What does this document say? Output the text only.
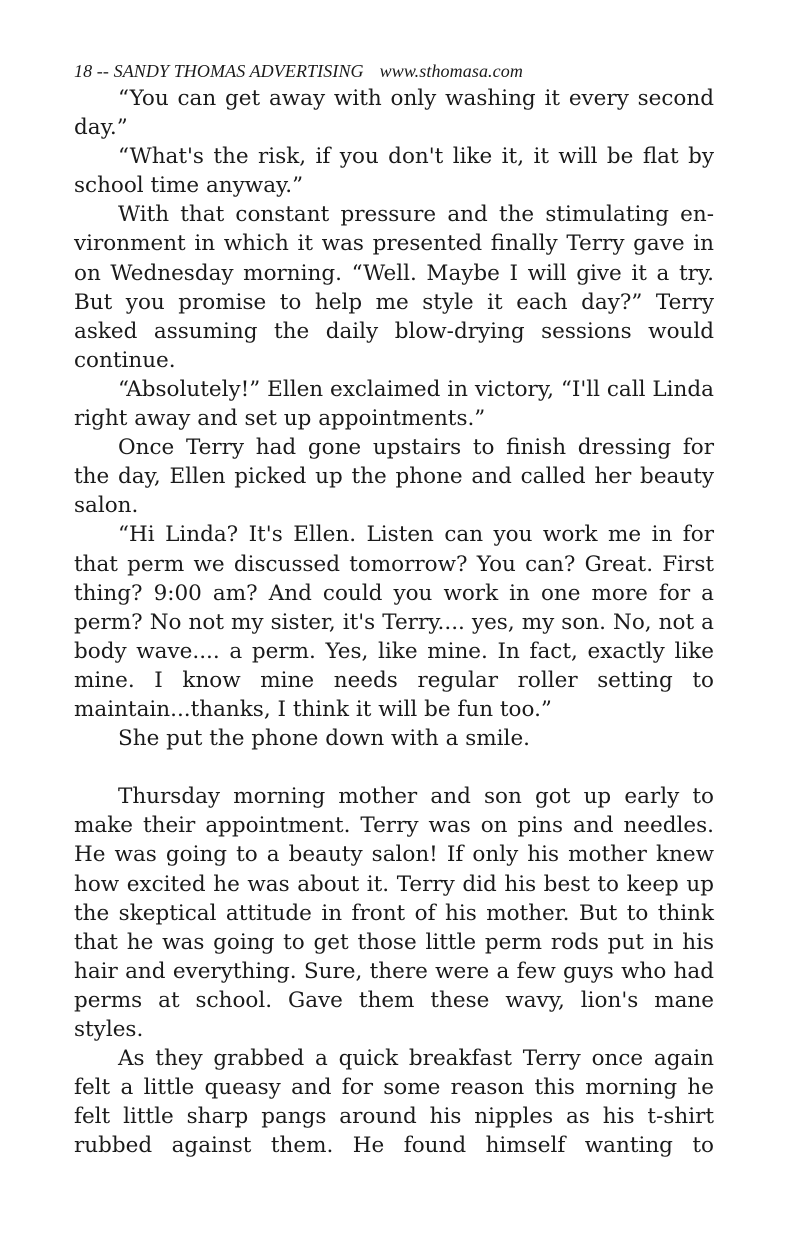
18 -- SANDY THOMAS ADVERTISING www.sthomasa.com

“You can get away with only washing it every second day.”

“What's the risk, if you don't like it, it will be flat by school time anyway.”

With that constant pressure and the stimulating environment in which it was presented finally Terry gave in on Wednesday morning. “Well. Maybe I will give it a try. But you promise to help me style it each day?” Terry asked assuming the daily blow-drying sessions would continue.

“Absolutely!” Ellen exclaimed in victory, “I'll call Linda right away and set up appointments.”

Once Terry had gone upstairs to finish dressing for the day, Ellen picked up the phone and called her beauty salon.

“Hi Linda? It's Ellen. Listen can you work me in for that perm we discussed tomorrow? You can? Great. First thing? 9:00 am? And could you work in one more for a perm? No not my sister, it's Terry.... yes, my son. No, not a body wave.... a perm. Yes, like mine. In fact, exactly like mine. I know mine needs regular roller setting to maintain...thanks, I think it will be fun too.”

She put the phone down with a smile.

Thursday morning mother and son got up early to make their appointment. Terry was on pins and needles. He was going to a beauty salon! If only his mother knew how excited he was about it. Terry did his best to keep up the skeptical attitude in front of his mother. But to think that he was going to get those little perm rods put in his hair and everything. Sure, there were a few guys who had perms at school. Gave them these wavy, lion's mane styles.

As they grabbed a quick breakfast Terry once again felt a little queasy and for some reason this morning he felt little sharp pangs around his nipples as his t-shirt rubbed against them. He found himself wanting to
